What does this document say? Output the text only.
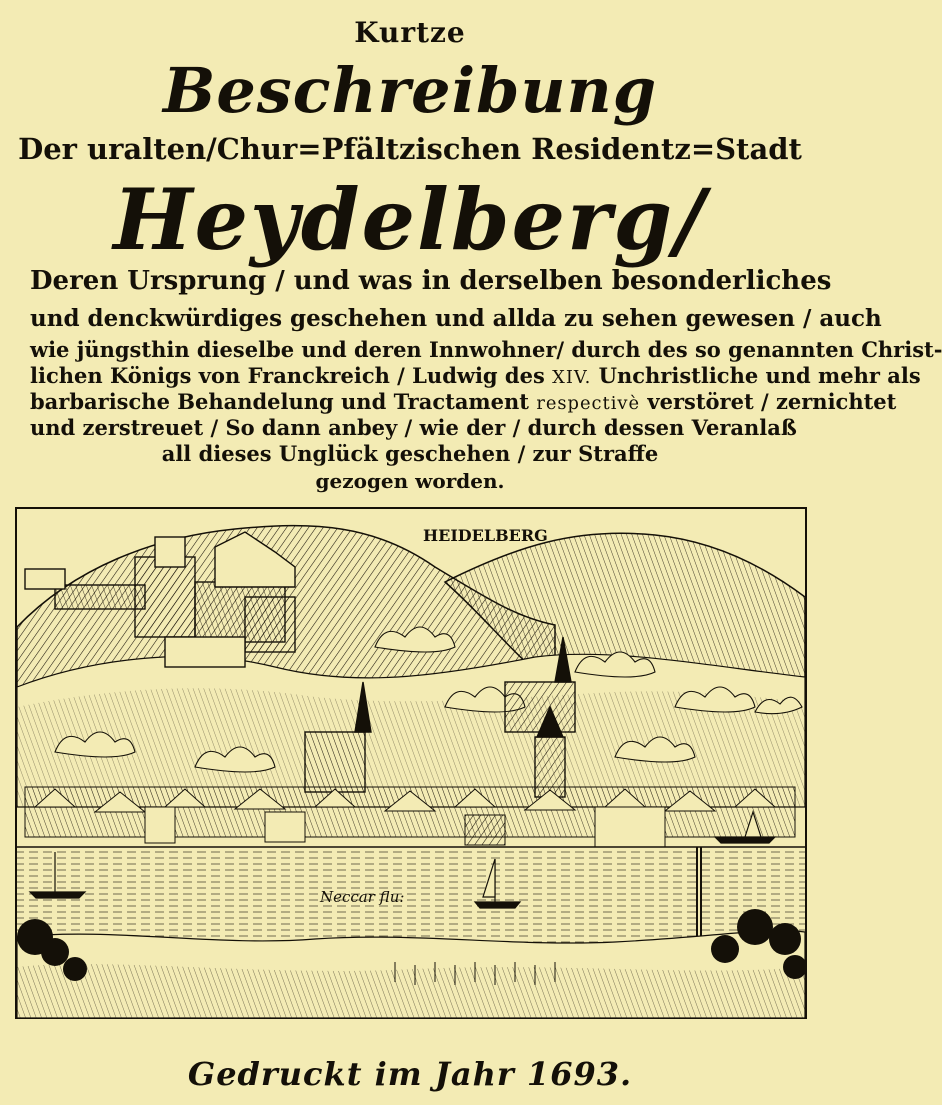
Kurtze
Beschreibung
Der uralten/Chur=Pfältzischen Residentz=Stadt
Heydelberg/
Deren Ursprung / und was in derselben besonderliches
und denckwürdiges geschehen und allda zu sehen gewesen / auch
wie jüngsthin dieselbe und deren Innwohner/ durch des so genannten Christ-
lichen Königs von Franckreich / Ludwig des XIV. Unchristliche und mehr als
barbarische Behandelung und Tractament respectivè verstöret / zernichtet
und zerstreuet / So dann anbey / wie der / durch dessen Veranlaß
all dieses Unglück geschehen / zur Straffe
gezogen worden.
HEIDELBERG
Neccar flu:
Gedruckt im Jahr 1693.
